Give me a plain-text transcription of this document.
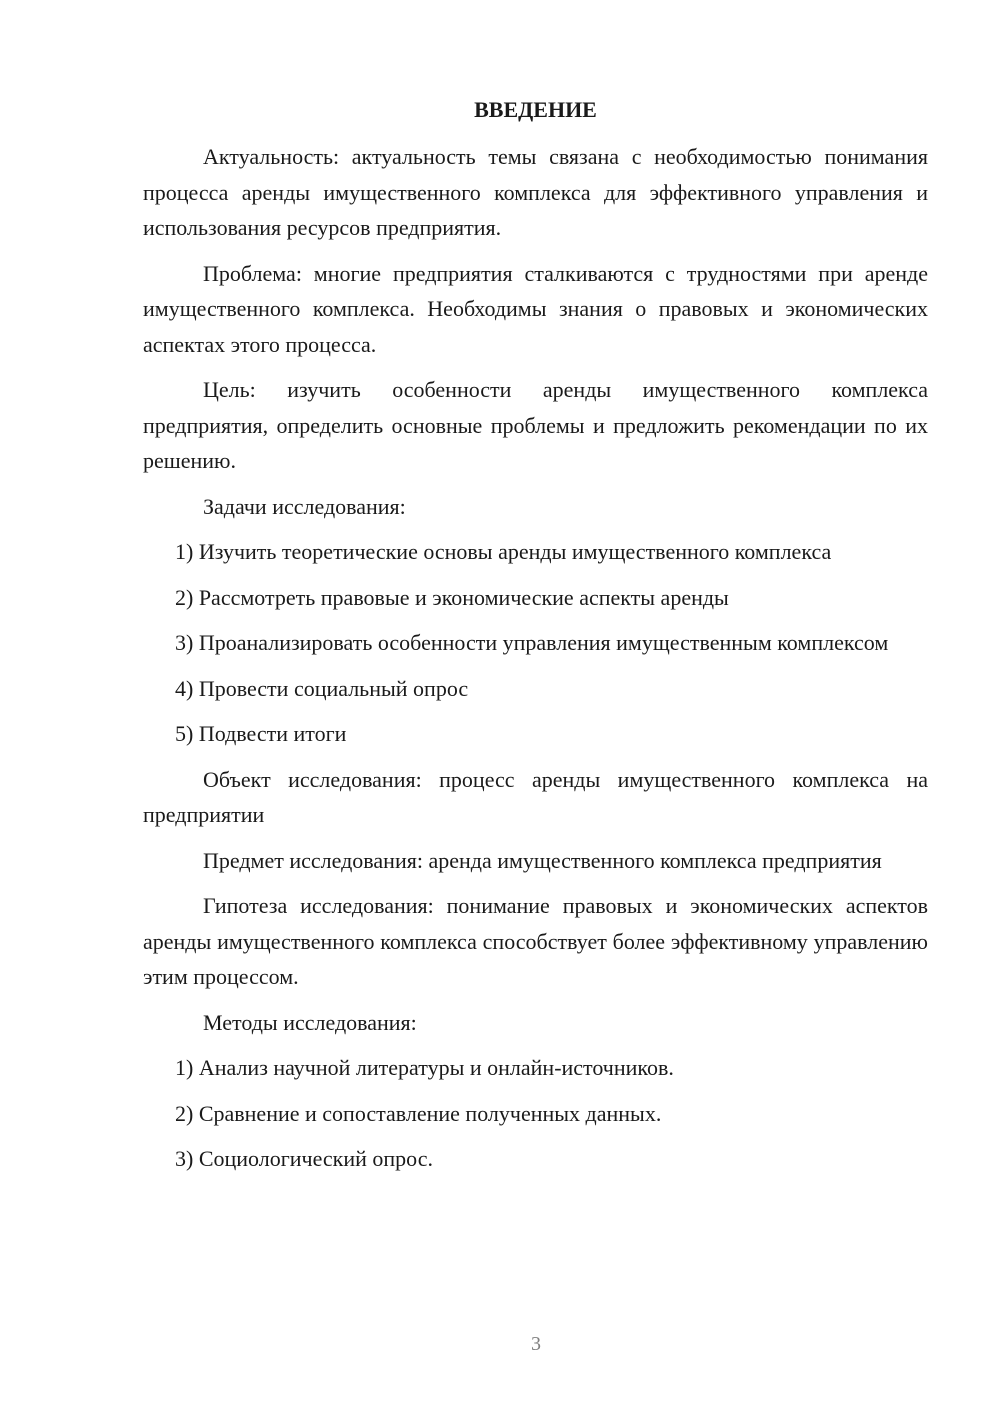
ВВЕДЕНИЕ

Актуальность: актуальность темы связана с необходимостью понимания процесса аренды имущественного комплекса для эффективного управления и использования ресурсов предприятия.

Проблема: многие предприятия сталкиваются с трудностями при аренде имущественного комплекса. Необходимы знания о правовых и экономических аспектах этого процесса.

Цель: изучить особенности аренды имущественного комплекса предприятия, определить основные проблемы и предложить рекомендации по их решению.

Задачи исследования:

1) Изучить теоретические основы аренды имущественного комплекса

2) Рассмотреть правовые и экономические аспекты аренды

3) Проанализировать особенности управления имущественным комплексом

4) Провести социальный опрос

5) Подвести итоги

Объект исследования: процесс аренды имущественного комплекса на предприятии

Предмет исследования: аренда имущественного комплекса предприятия

Гипотеза исследования: понимание правовых и экономических аспектов аренды имущественного комплекса способствует более эффективному управлению этим процессом.

Методы исследования:

1) Анализ научной литературы и онлайн-источников.

2) Сравнение и сопоставление полученных данных.

3) Социологический опрос.

3
